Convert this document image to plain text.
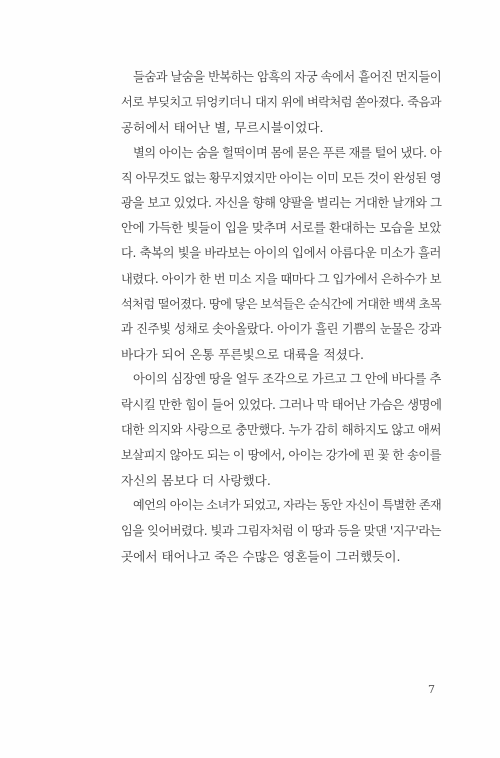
들숨과 날숨을 반복하는 암흑의 자궁 속에서 흩어진 먼지들이
서로 부딪치고 뒤엉키더니 대지 위에 벼락처럼 쏟아졌다. 죽음과
공허에서 태어난 별, 무르시블이었다.

별의 아이는 숨을 헐떡이며 몸에 묻은 푸른 재를 털어 냈다. 아
직 아무것도 없는 황무지였지만 아이는 이미 모든 것이 완성된 영
광을 보고 있었다. 자신을 향해 양팔을 벌리는 거대한 날개와 그
안에 가득한 빛들이 입을 맞추며 서로를 환대하는 모습을 보았
다. 축복의 빛을 바라보는 아이의 입에서 아름다운 미소가 흘러
내렸다. 아이가 한 번 미소 지을 때마다 그 입가에서 은하수가 보
석처럼 떨어졌다. 땅에 닿은 보석들은 순식간에 거대한 백색 초목
과 진주빛 성채로 솟아올랐다. 아이가 흘린 기쁨의 눈물은 강과
바다가 되어 온통 푸른빛으로 대륙을 적셨다.

아이의 심장엔 땅을 얼두 조각으로 가르고 그 안에 바다를 추
락시킬 만한 힘이 들어 있었다. 그러나 막 태어난 가슴은 생명에
대한 의지와 사랑으로 충만했다. 누가 감히 해하지도 않고 애써
보살피지 않아도 되는 이 땅에서, 아이는 강가에 핀 꽃 한 송이를
자신의 몸보다 더 사랑했다.

예언의 아이는 소녀가 되었고, 자라는 동안 자신이 특별한 존재
임을 잊어버렸다. 빛과 그림자처럼 이 땅과 등을 맞댄 '지구'라는
곳에서 태어나고 죽은 수많은 영혼들이 그러했듯이.

7
